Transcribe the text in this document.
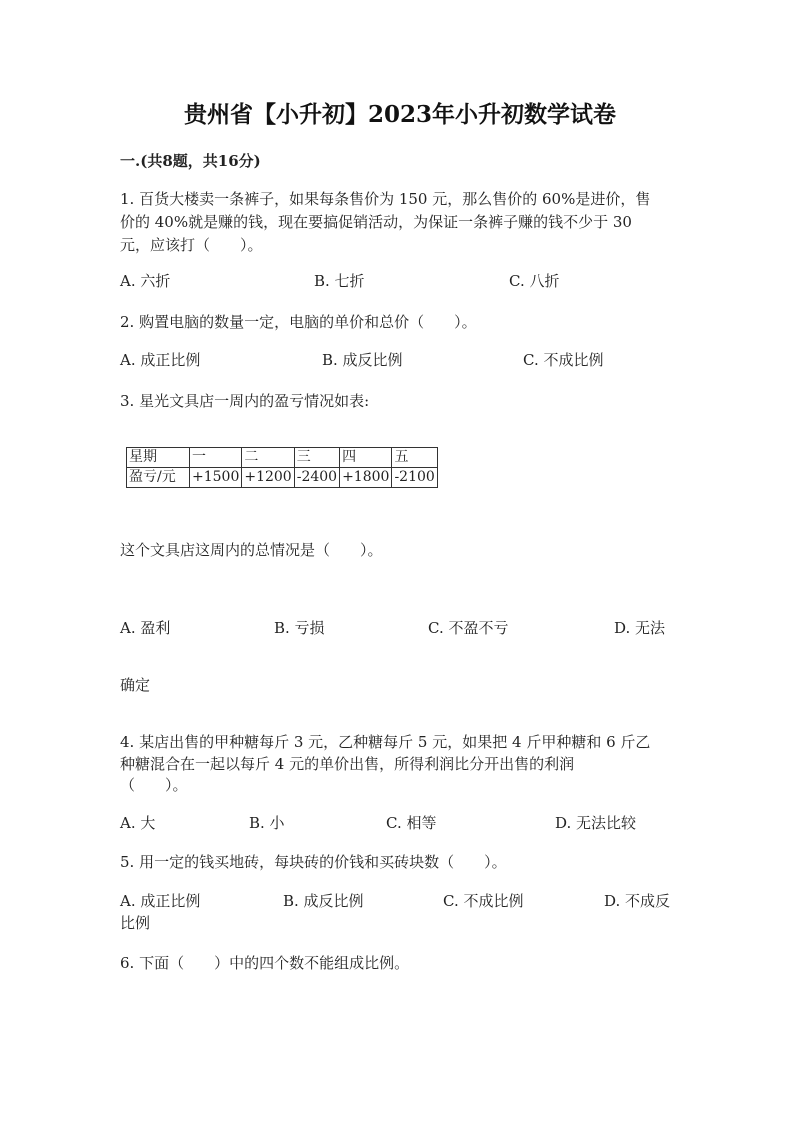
贵州省【小升初】2023年小升初数学试卷
一.(共8题，共16分)
1. 百货大楼卖一条裤子，如果每条售价为 150 元，那么售价的 60%是进价，售
价的 40%就是赚的钱，现在要搞促销活动，为保证一条裤子赚的钱不少于 30
元，应该打（　　）。
A. 六折	B. 七折	C. 八折
2. 购置电脑的数量一定，电脑的单价和总价（　　）。
A. 成正比例	B. 成反比例	C. 不成比例
3. 星光文具店一周内的盈亏情况如表:
星期	一	二	三	四	五
盈亏/元	+1500	+1200	-2400	+1800	-2100
这个文具店这周内的总情况是（　　）。
A. 盈利	B. 亏损	C. 不盈不亏	D. 无法
确定
4. 某店出售的甲种糖每斤 3 元，乙种糖每斤 5 元，如果把 4 斤甲种糖和 6 斤乙
种糖混合在一起以每斤 4 元的单价出售，所得利润比分开出售的利润
（　　）。
A. 大	B. 小	C. 相等	D. 无法比较
5. 用一定的钱买地砖，每块砖的价钱和买砖块数（　　）。
A. 成正比例	B. 成反比例	C. 不成比例	D. 不成反
比例
6. 下面（　　）中的四个数不能组成比例。
